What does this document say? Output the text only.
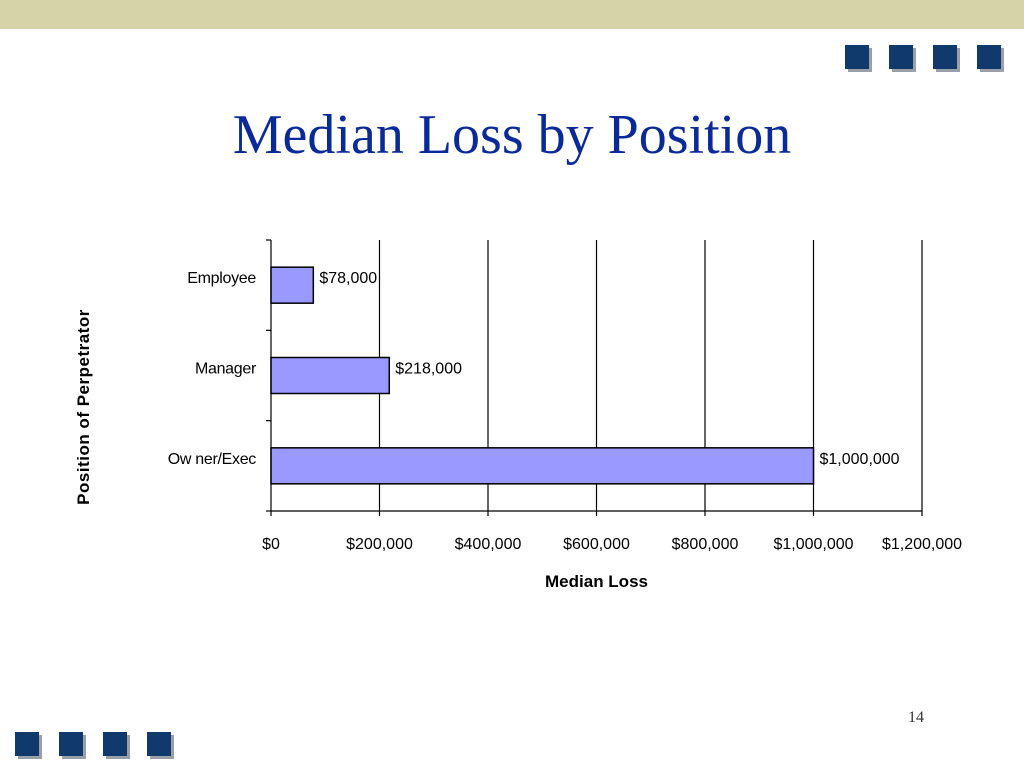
Median Loss by Position
Position of Perpetrator
Employee	$78,000
Manager	$218,000
Ow ner/Exec	$1,000,000
$0	$200,000	$400,000	$600,000	$800,000 $1,000,000 $1,200,000
Median Loss
14
